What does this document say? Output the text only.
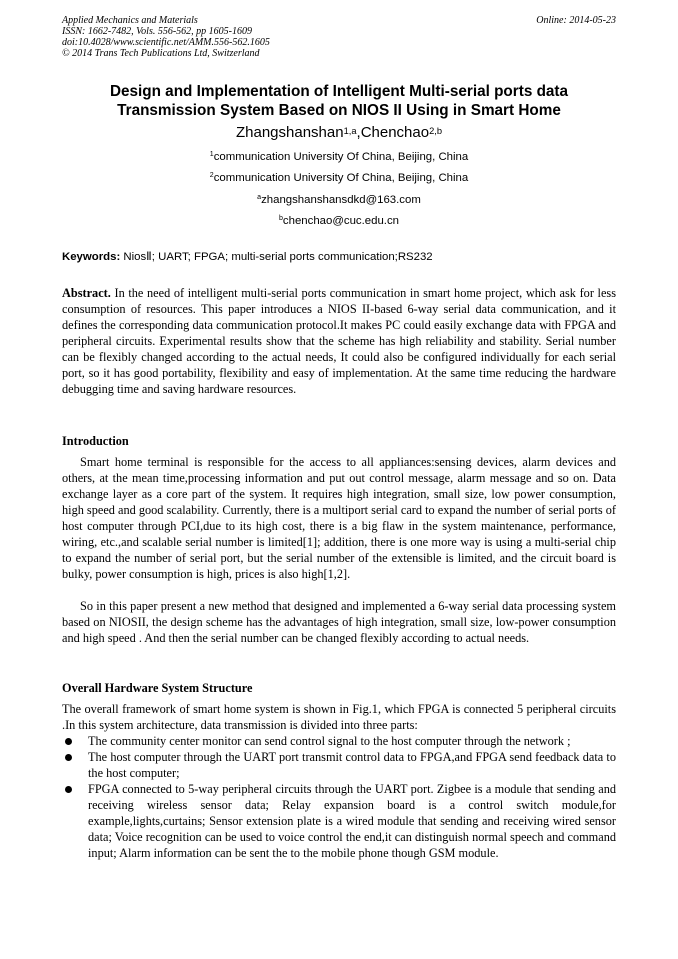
Applied Mechanics and Materials
ISSN: 1662-7482, Vols. 556-562, pp 1605-1609
doi:10.4028/www.scientific.net/AMM.556-562.1605
© 2014 Trans Tech Publications Ltd, Switzerland
Online: 2014-05-23
Design and Implementation of Intelligent Multi-serial ports data
Transmission System Based on NIOS II Using in Smart Home
Zhangshanshan$^{1,a}$,Chenchao$^{2,b}$
$^1$communication University Of China, Beijing, China
$^2$communication University Of China, Beijing, China
$^a$zhangshanshansdkd@163.com
$^b$chenchao@cuc.edu.cn
Keywords: NiosⅡ; UART; FPGA; multi-serial ports communication;RS232
Abstract. In the need of intelligent multi-serial ports communication in smart home project, which ask for less consumption of resources. This paper introduces a NIOS II-based 6-way serial data communication, and it defines the corresponding data communication protocol.It makes PC could easily exchange data with FPGA and peripheral circuits. Experimental results show that the scheme has high reliability and stability. Serial number can be flexibly changed according to the actual needs, It could also be configured individually for each serial port, so it has good portability, flexibility and easy of implementation. At the same time reducing the hardware debugging time and saving hardware resources.
Introduction
Smart home terminal is responsible for the access to all appliances:sensing devices, alarm devices and others, at the mean time,processing information and put out control message, alarm message and so on. Data exchange layer as a core part of the system. It requires high integration, small size, low power consumption, high speed and good scalability. Currently, there is a multiport serial card to expand the number of serial ports of host computer through PCI,due to its high cost, there is a big flaw in the system maintenance, performance, wiring, etc.,and scalable serial number is limited[1]; addition, there is one more way is using a multi-serial chip to expand the number of serial port, but the serial number of the extensible is limited, and the circuit board is bulky, power consumption is high, prices is also high[1,2].
So in this paper present a new method that designed and implemented a 6-way serial data processing system based on NIOSII, the design scheme has the advantages of high integration, small size, low-power consumption and high speed . And then the serial number can be changed flexibly according to actual needs.
Overall Hardware System Structure
The overall framework of smart home system is shown in Fig.1, which FPGA is connected 5 peripheral circuits .In this system architecture, data transmission is divided into three parts:
The community center monitor can send control signal to the host computer through the network ;
The host computer through the UART port transmit control data to FPGA,and FPGA send feedback data to the host computer;
FPGA connected to 5-way peripheral circuits through the UART port. Zigbee is a module that sending and receiving wireless sensor data; Relay expansion board is a control switch module,for example,lights,curtains; Sensor extension plate is a wired module that sending and receiving wired sensor data; Voice recognition can be used to voice control the end,it can distinguish normal speech and command input; Alarm information can be sent the to the mobile phone though GSM module.
